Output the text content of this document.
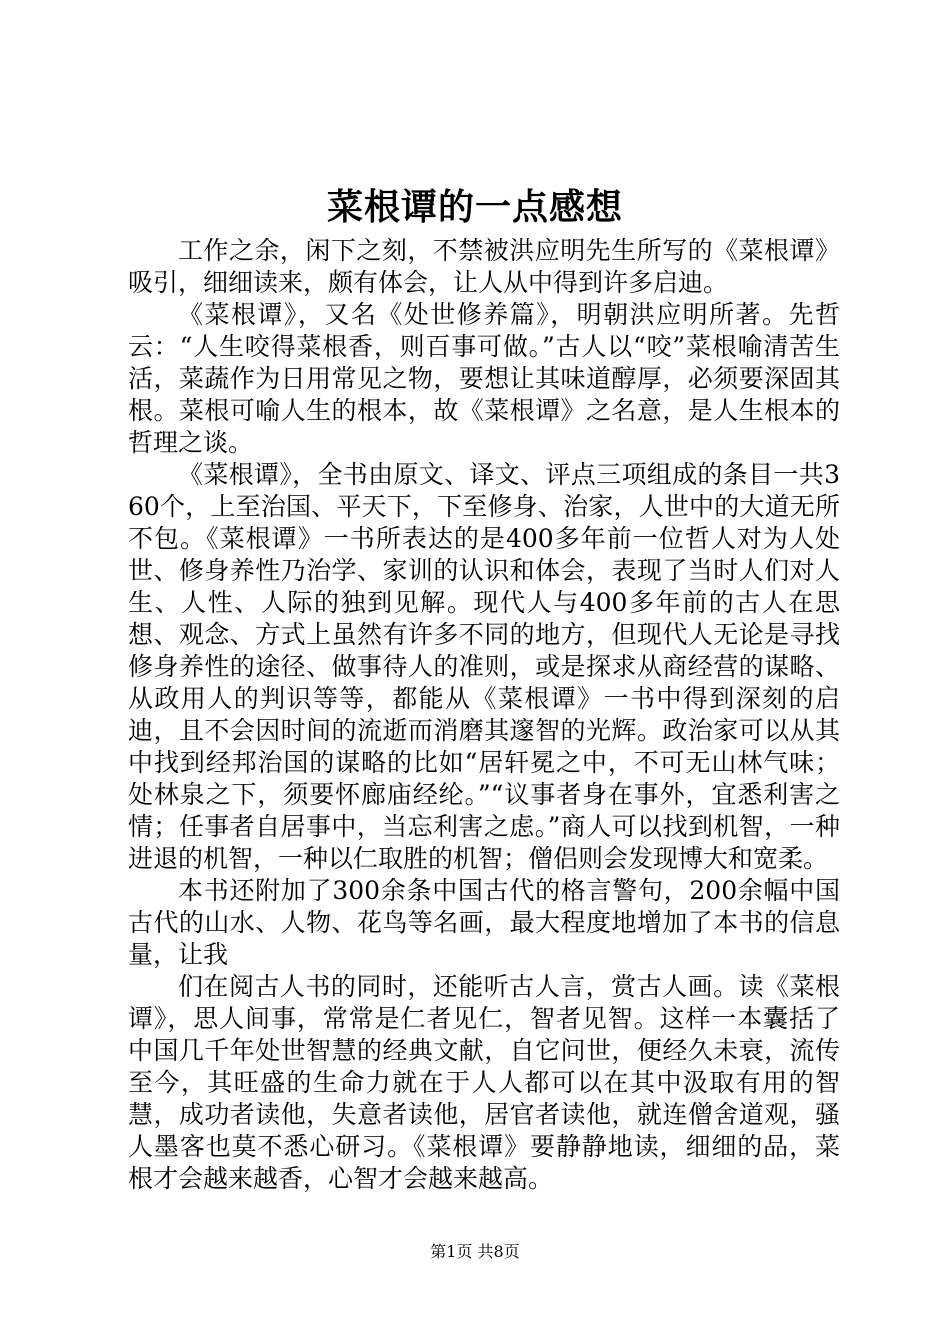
菜根谭的一点感想

工作之余，闲下之刻，不禁被洪应明先生所写的《菜根谭》吸引，细细读来，颇有体会，让人从中得到许多启迪。

《菜根谭》，又名《处世修养篇》，明朝洪应明所著。先哲云：“人生咬得菜根香，则百事可做。”古人以“咬”菜根喻清苦生活，菜蔬作为日用常见之物，要想让其味道醇厚，必须要深固其根。菜根可喻人生的根本，故《菜根谭》之名意，是人生根本的哲理之谈。

《菜根谭》，全书由原文、译文、评点三项组成的条目一共360个，上至治国、平天下，下至修身、治家，人世中的大道无所不包。《菜根谭》一书所表达的是400多年前一位哲人对为人处世、修身养性乃治学、家训的认识和体会，表现了当时人们对人生、人性、人际的独到见解。现代人与400多年前的古人在思想、观念、方式上虽然有许多不同的地方，但现代人无论是寻找修身养性的途径、做事待人的准则，或是探求从商经营的谋略、从政用人的判识等等，都能从《菜根谭》一书中得到深刻的启迪，且不会因时间的流逝而消磨其邃智的光辉。政治家可以从其中找到经邦治国的谋略的比如“居轩冕之中，不可无山林气味；处林泉之下，须要怀廊庙经纶。”“议事者身在事外，宜悉利害之情；任事者自居事中，当忘利害之虑。”商人可以找到机智，一种进退的机智，一种以仁取胜的机智；僧侣则会发现博大和宽柔。

本书还附加了300余条中国古代的格言警句，200余幅中国古代的山水、人物、花鸟等名画，最大程度地增加了本书的信息量，让我

们在阅古人书的同时，还能听古人言，赏古人画。读《菜根谭》，思人间事，常常是仁者见仁，智者见智。这样一本囊括了中国几千年处世智慧的经典文献，自它问世，便经久未衰，流传至今，其旺盛的生命力就在于人人都可以在其中汲取有用的智慧，成功者读他，失意者读他，居官者读他，就连僧舍道观，骚人墨客也莫不悉心研习。《菜根谭》要静静地读，细细的品，菜根才会越来越香，心智才会越来越高。

第1页 共8页
